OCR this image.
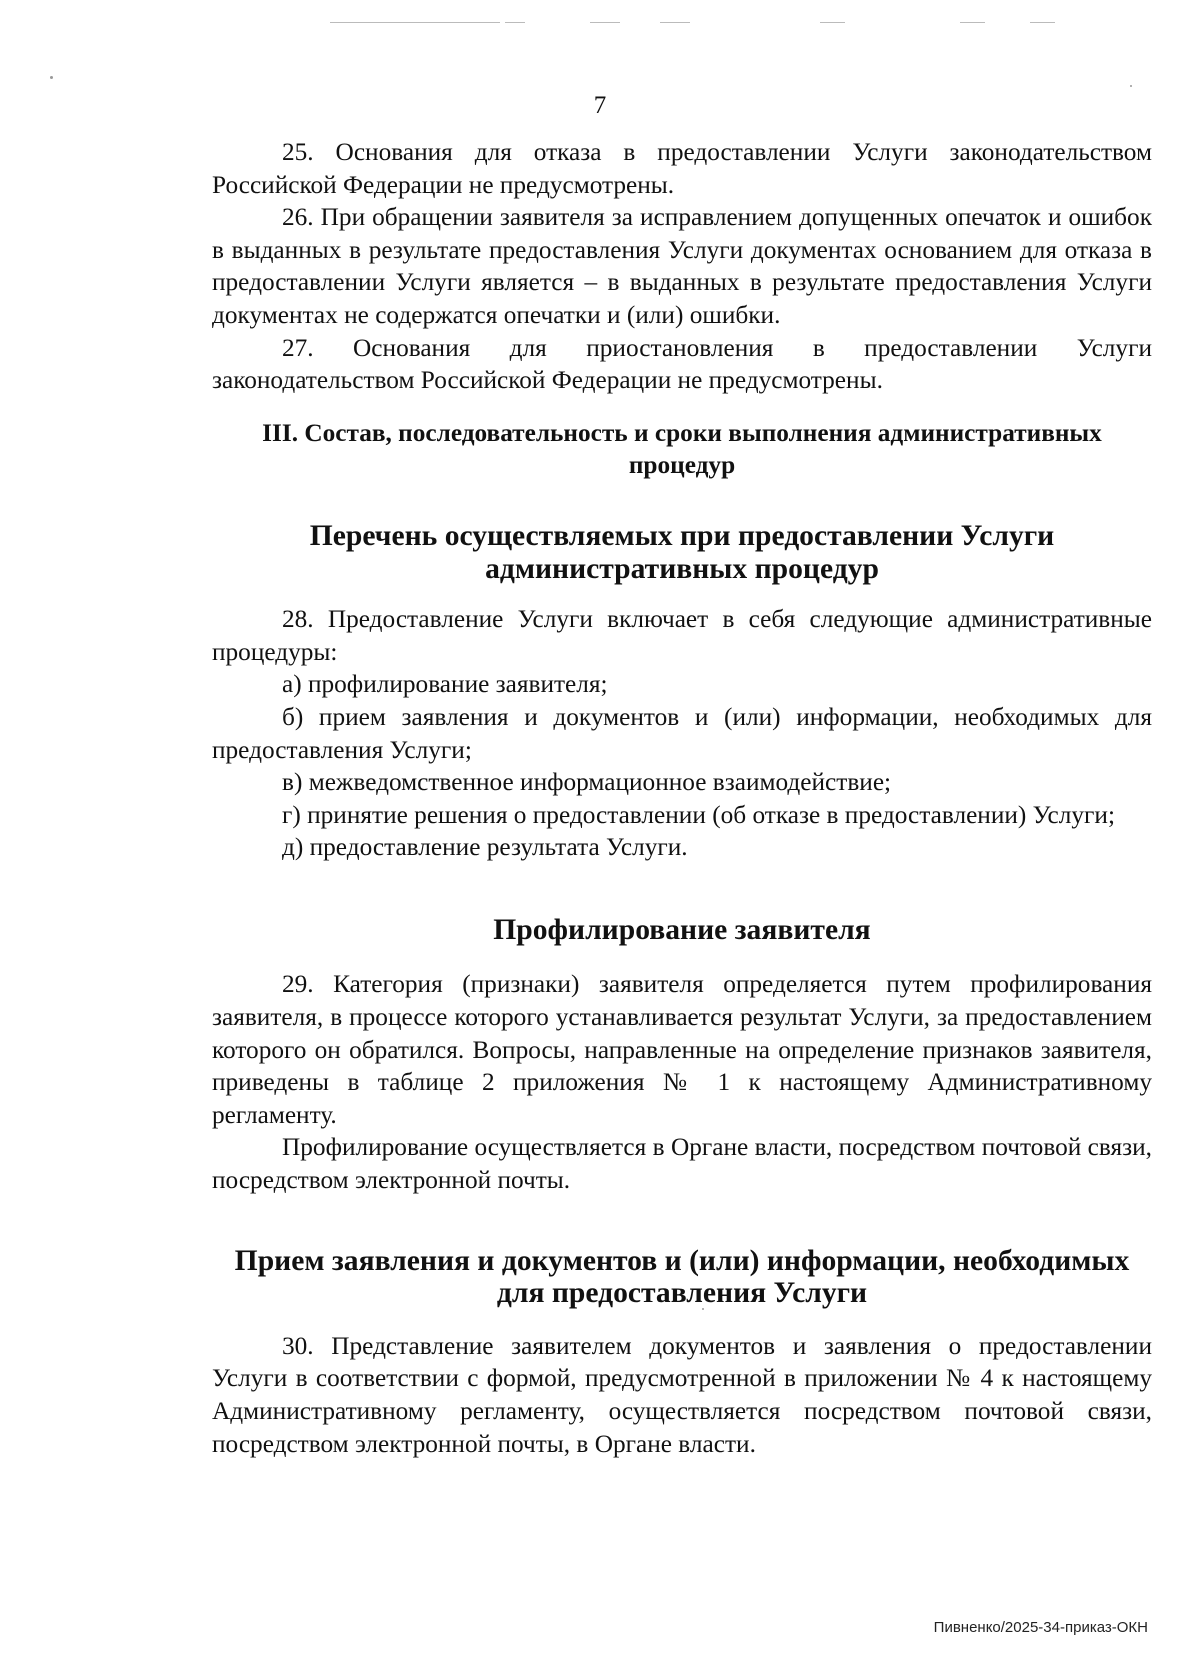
7

25. Основания для отказа в предоставлении Услуги законодательством Российской Федерации не предусмотрены.

26. При обращении заявителя за исправлением допущенных опечаток и ошибок в выданных в результате предоставления Услуги документах основанием для отказа в предоставлении Услуги является – в выданных в результате предоставления Услуги документах не содержатся опечатки и (или) ошибки.

27. Основания для приостановления в предоставлении Услуги законодательством Российской Федерации не предусмотрены.

III. Состав, последовательность и сроки выполнения административных процедур
Перечень осуществляемых при предоставлении Услуги административных процедур

28. Предоставление Услуги включает в себя следующие административные процедуры:

а) профилирование заявителя;

б) прием заявления и документов и (или) информации, необходимых для предоставления Услуги;

в) межведомственное информационное взаимодействие;

г) принятие решения о предоставлении (об отказе в предоставлении) Услуги;

д) предоставление результата Услуги.

Профилирование заявителя

29. Категория (признаки) заявителя определяется путем профилирования заявителя, в процессе которого устанавливается результат Услуги, за предоставлением которого он обратился. Вопросы, направленные на определение признаков заявителя, приведены в таблице 2 приложения № 1 к настоящему Административному регламенту.

Профилирование осуществляется в Органе власти, посредством почтовой связи, посредством электронной почты.

Прием заявления и документов и (или) информации, необходимых для предоставления Услуги

30. Представление заявителем документов и заявления о предоставлении Услуги в соответствии с формой, предусмотренной в приложении № 4 к настоящему Административному регламенту, осуществляется посредством почтовой связи, посредством электронной почты, в Органе власти.

Пивненко/2025-34-приказ-ОКН
